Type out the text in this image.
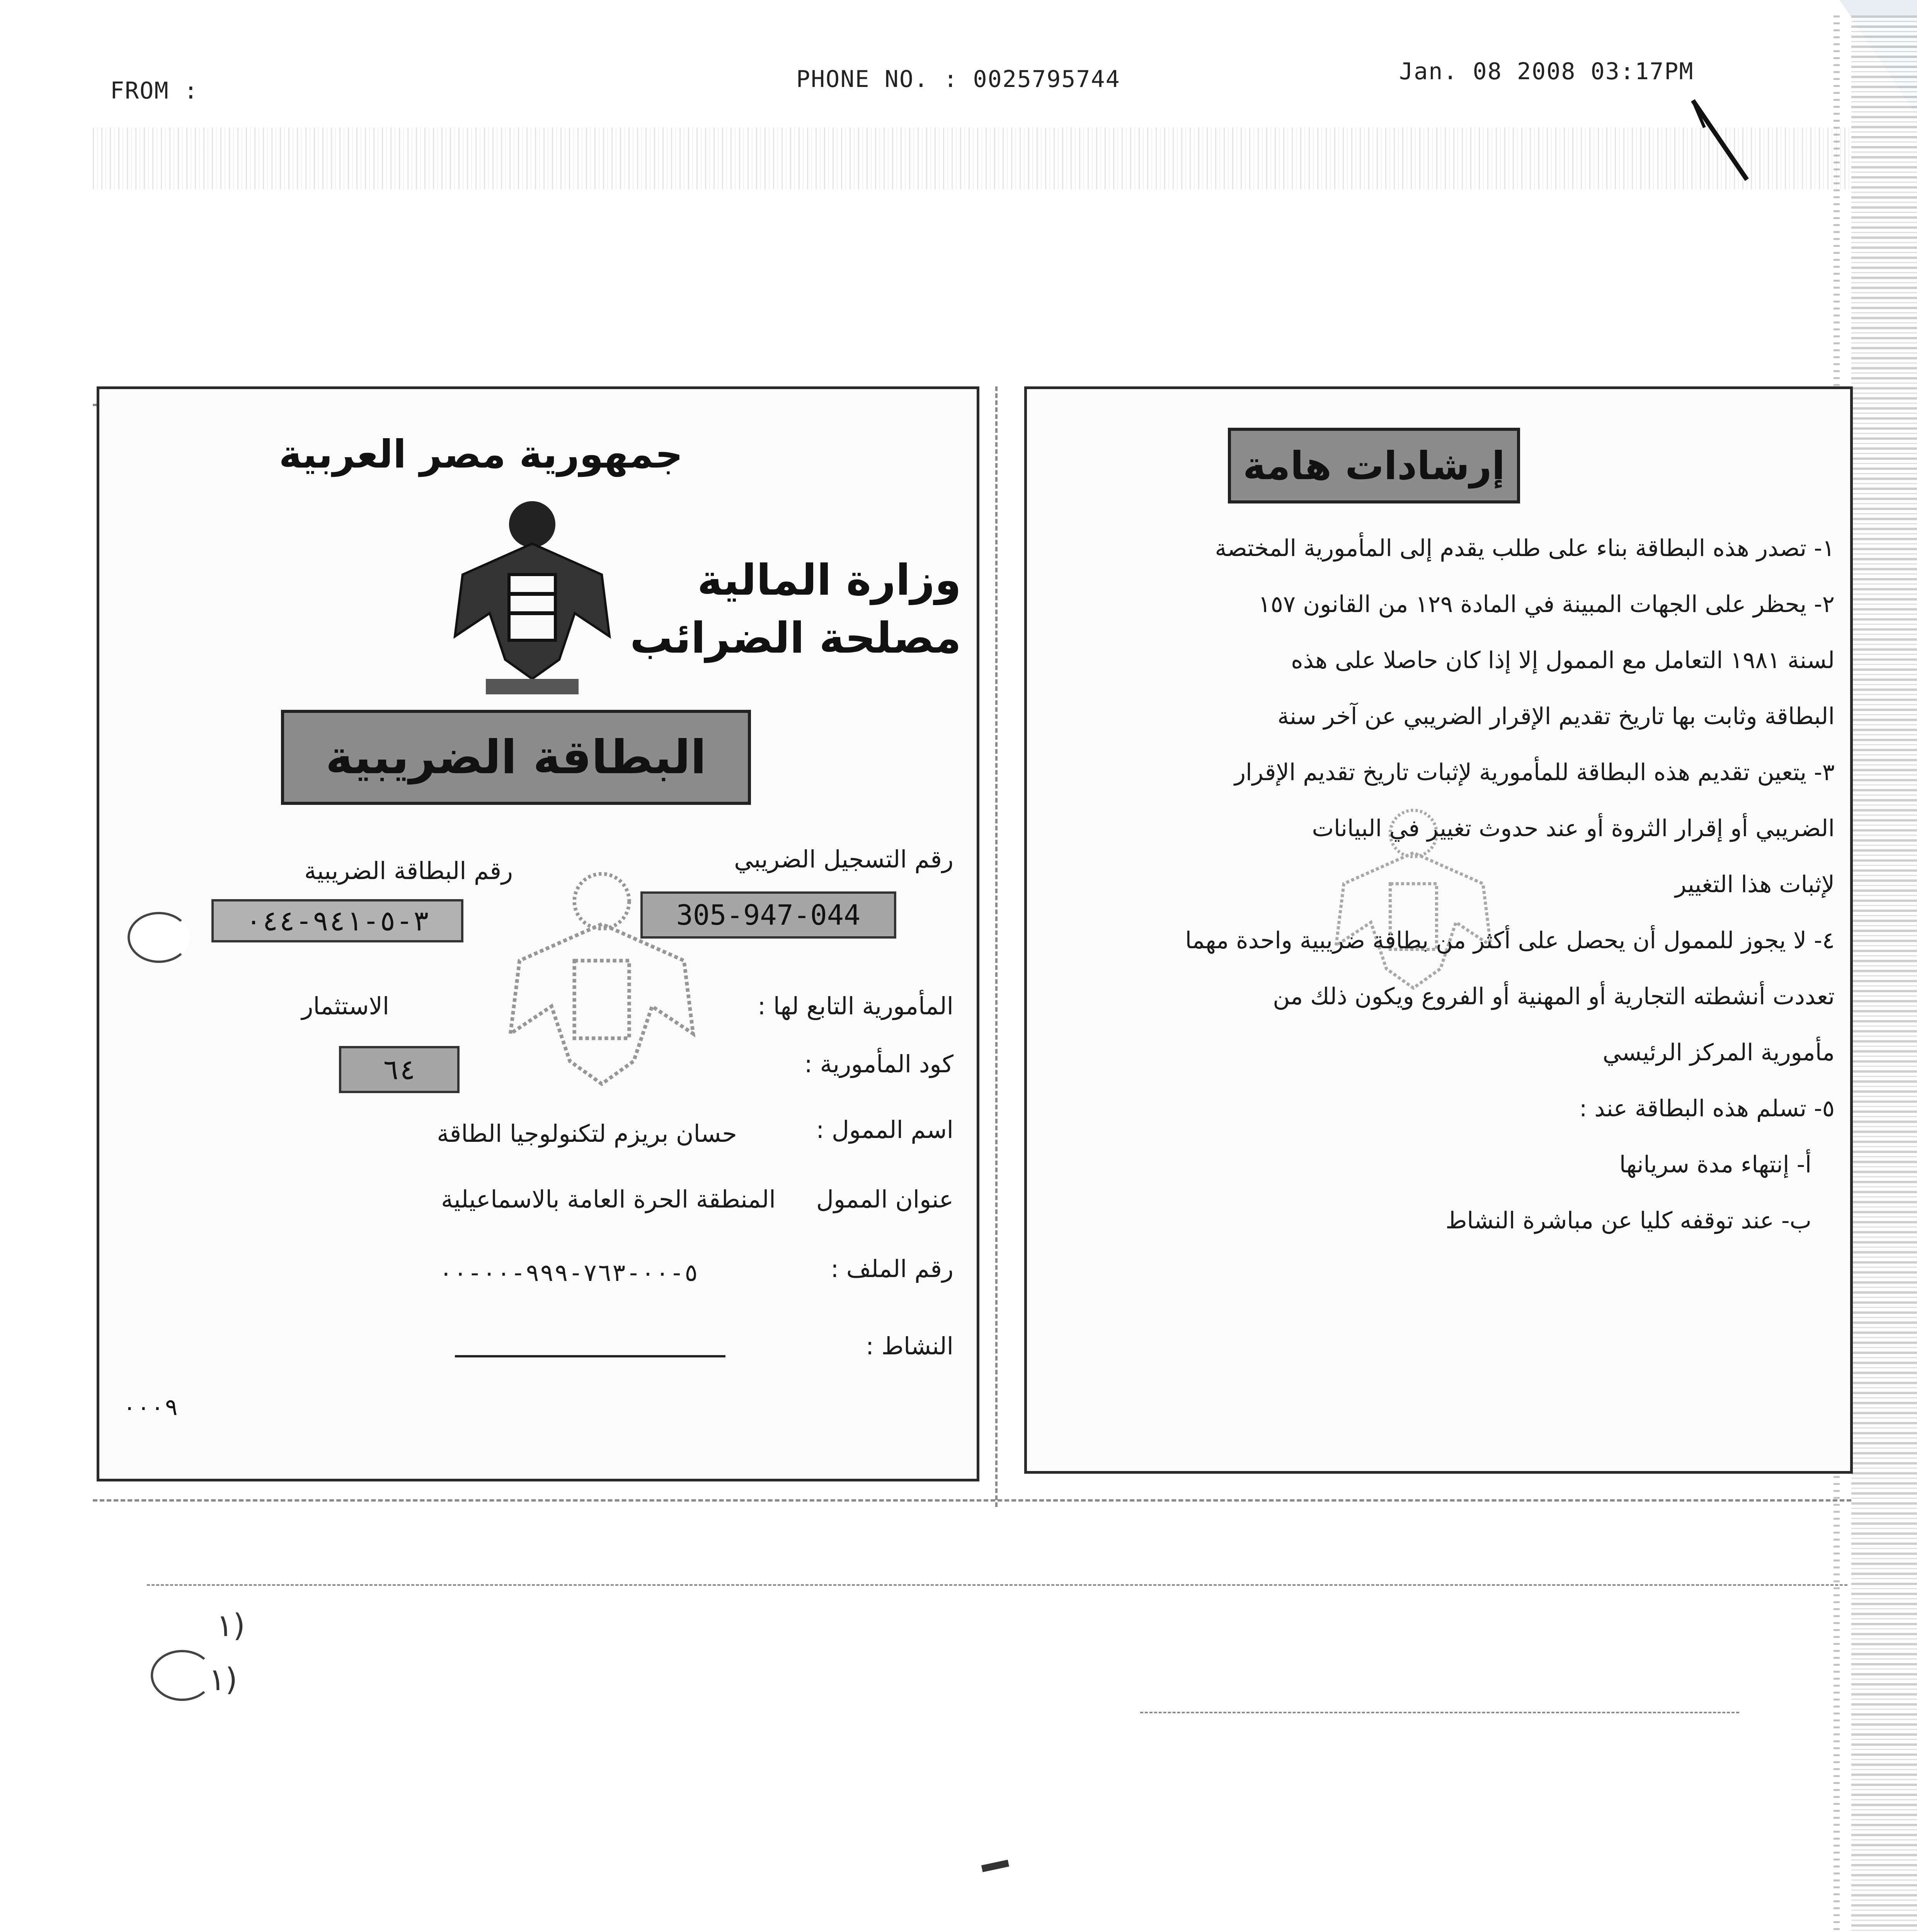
FROM :	PHONE NO. : 0025795744	Jan. 08 2008 03:17PM
جمهورية مصر العربية
وزارة المالية
مصلحة الضرائب
البطاقة الضريبية
رقم التسجيل الضريبي
رقم البطاقة الضريبية
305-947-044
٣-٥-٩٤١-٠٤٤
المأمورية التابع لها :
الاستثمار
كود المأمورية :
٦٤
اسم الممول :
حسان بريزم لتكنولوجيا الطاقة
عنوان الممول
المنطقة الحرة العامة بالاسماعيلية
رقم الملف :
٥-٠٠-٧٦٣-٩٩٩-٠٠-٠٠
النشاط :
٠٠٠٩
إرشادات هامة
١- تصدر هذه البطاقة بناء على طلب يقدم إلى المأمورية المختصة
٢- يحظر على الجهات المبينة في المادة ١٢٩ من القانون ١٥٧
لسنة ١٩٨١ التعامل مع الممول إلا إذا كان حاصلا على هذه
البطاقة وثابت بها تاريخ تقديم الإقرار الضريبي عن آخر سنة
٣- يتعين تقديم هذه البطاقة للمأمورية لإثبات تاريخ تقديم الإقرار
الضريبي أو إقرار الثروة أو عند حدوث تغيير في البيانات
لإثبات هذا التغيير
٤- لا يجوز للممول أن يحصل على أكثر من بطاقة ضريبية واحدة مهما
تعددت أنشطته التجارية أو المهنية أو الفروع ويكون ذلك من
مأمورية المركز الرئيسي
٥- تسلم هذه البطاقة عند :
أ- إنتهاء مدة سريانها
ب- عند توقفه كليا عن مباشرة النشاط
١)
١)
